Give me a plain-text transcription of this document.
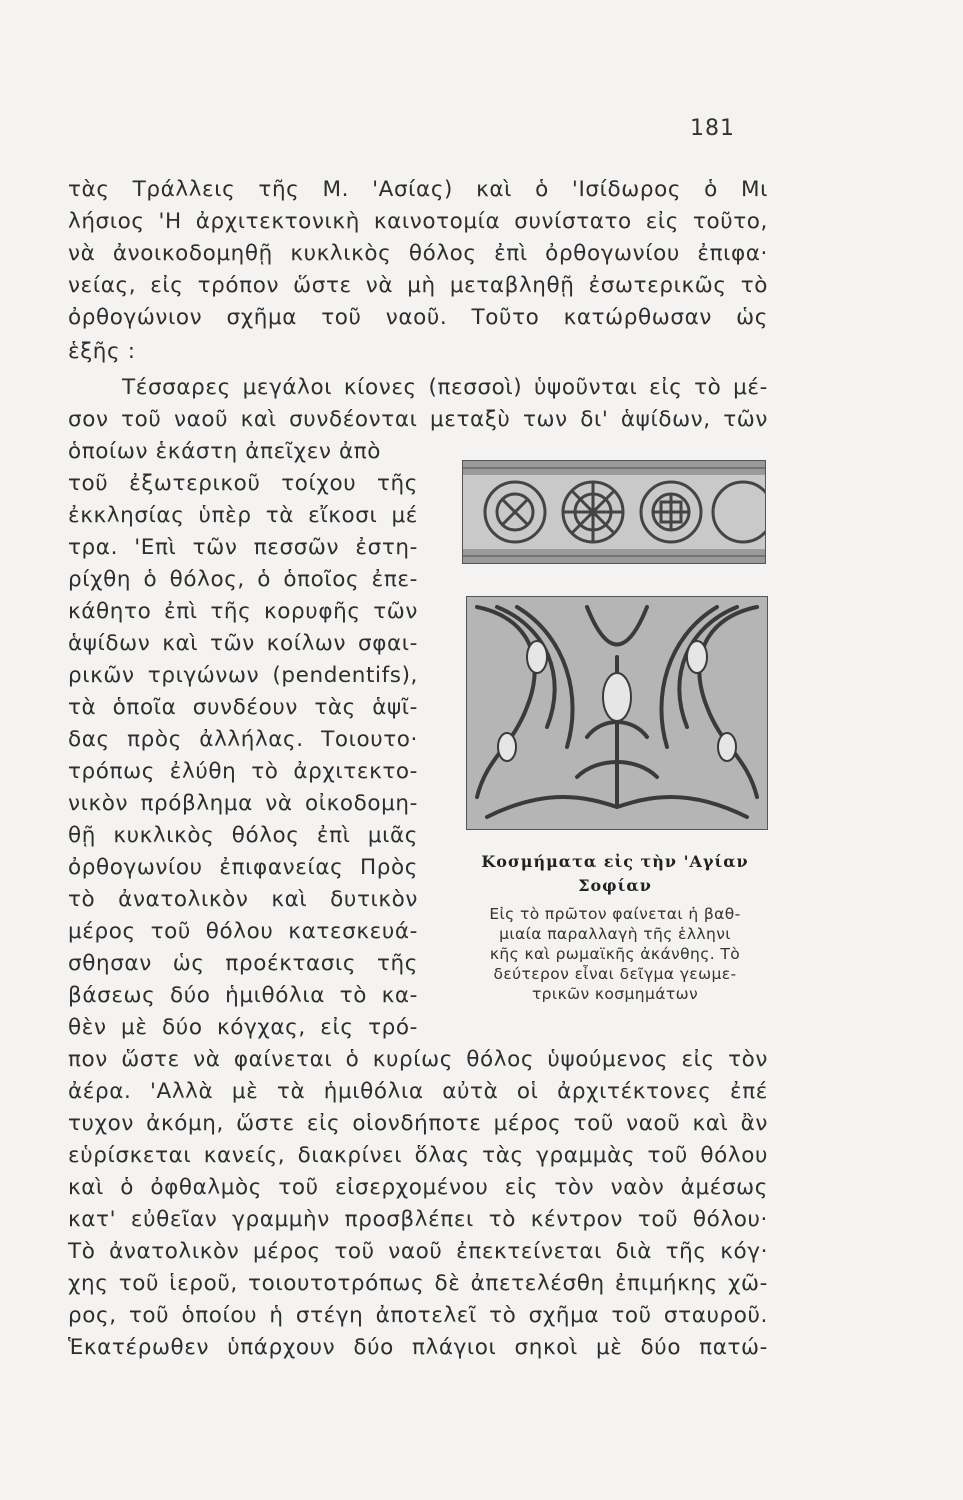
181
τὰς Τράλλεις τῆς Μ. 'Ασίας) καὶ ὁ 'Ισίδωρος ὁ Μι
λήσιος 'Η ἀρχιτεκτονικὴ καινοτομία συνίστατο εἰς τοῦτο,
νὰ ἀνοικοδομηθῇ κυκλικὸς θόλος ἐπὶ ὀρθογωνίου ἐπιφα·
νείας, εἰς τρόπον ὥστε νὰ μὴ μεταβληθῇ ἐσωτερικῶς τὸ
ὀρθογώνιον σχῆμα τοῦ ναοῦ. Τοῦτο κατώρθωσαν ὡς
ἑξῆς :
Τέσσαρες μεγάλοι κίονες (πεσσοὶ) ὑψοῦνται εἰς τὸ μέ-
σον τοῦ ναοῦ καὶ συνδέονται μεταξὺ των δι' ἁψίδων, τῶν
ὁποίων ἑκάστη ἀπεῖχεν ἀπὸ
τοῦ ἐξωτερικοῦ τοίχου τῆς
ἐκκλησίας ὑπὲρ τὰ εἴκοσι μέ
τρα. 'Επὶ τῶν πεσσῶν ἐστη-
ρίχθη ὁ θόλος, ὁ ὁποῖος ἐπε-
κάθητο ἐπὶ τῆς κορυφῆς τῶν
ἁψίδων καὶ τῶν κοίλων σφαι-
ρικῶν τριγώνων (pendentifs),
τὰ ὁποῖα συνδέουν τὰς ἁψῖ-
δας πρὸς ἀλλήλας. Τοιουτο·
τρόπως ἐλύθη τὸ ἀρχιτεκτο-
νικὸν πρόβλημα νὰ οἰκοδομη-
θῇ κυκλικὸς θόλος ἐπὶ μιᾶς
ὀρθογωνίου ἐπιφανείας Πρὸς
τὸ ἀνατολικὸν καὶ δυτικὸν
μέρος τοῦ θόλου κατεσκευά-
σθησαν ὡς προέκτασις τῆς
βάσεως δύο ἡμιθόλια τὸ κα-
θὲν μὲ δύο κόγχας, εἰς τρό-
πον ὥστε νὰ φαίνεται ὁ κυρίως θόλος ὑψούμενος εἰς τὸν
ἀέρα. 'Αλλὰ μὲ τὰ ἡμιθόλια αὐτὰ οἱ ἀρχιτέκτονες ἐπέ
τυχον ἀκόμη, ὥστε εἰς οἱονδήποτε μέρος τοῦ ναοῦ καὶ ἂν
εὑρίσκεται κανείς, διακρίνει ὅλας τὰς γραμμὰς τοῦ θόλου
καὶ ὁ ὀφθαλμὸς τοῦ εἰσερχομένου εἰς τὸν ναὸν ἀμέσως
κατ' εὐθεῖαν γραμμὴν προσβλέπει τὸ κέντρον τοῦ θόλου·
Τὸ ἀνατολικὸν μέρος τοῦ ναοῦ ἐπεκτείνεται διὰ τῆς κόγ·
χης τοῦ ἱεροῦ, τοιουτοτρόπως δὲ ἀπετελέσθη ἐπιμήκης χῶ-
ρος, τοῦ ὁποίου ἡ στέγη ἀποτελεῖ τὸ σχῆμα τοῦ σταυροῦ.
Ἑκατέρωθεν ὑπάρχουν δύο πλάγιοι σηκοὶ μὲ δύο πατώ-
Κοσμήματα εἰς τὴν 'Αγίαν
Σοφίαν
Εἰς τὸ πρῶτον φαίνεται ἡ βαθ-
μιαία παραλλαγὴ τῆς ἑλληνι
κῆς καὶ ρωμαϊκῆς ἀκάνθης. Τὸ
δεύτερον εἶναι δεῖγμα γεωμε-
τρικῶν κοσμημάτων
